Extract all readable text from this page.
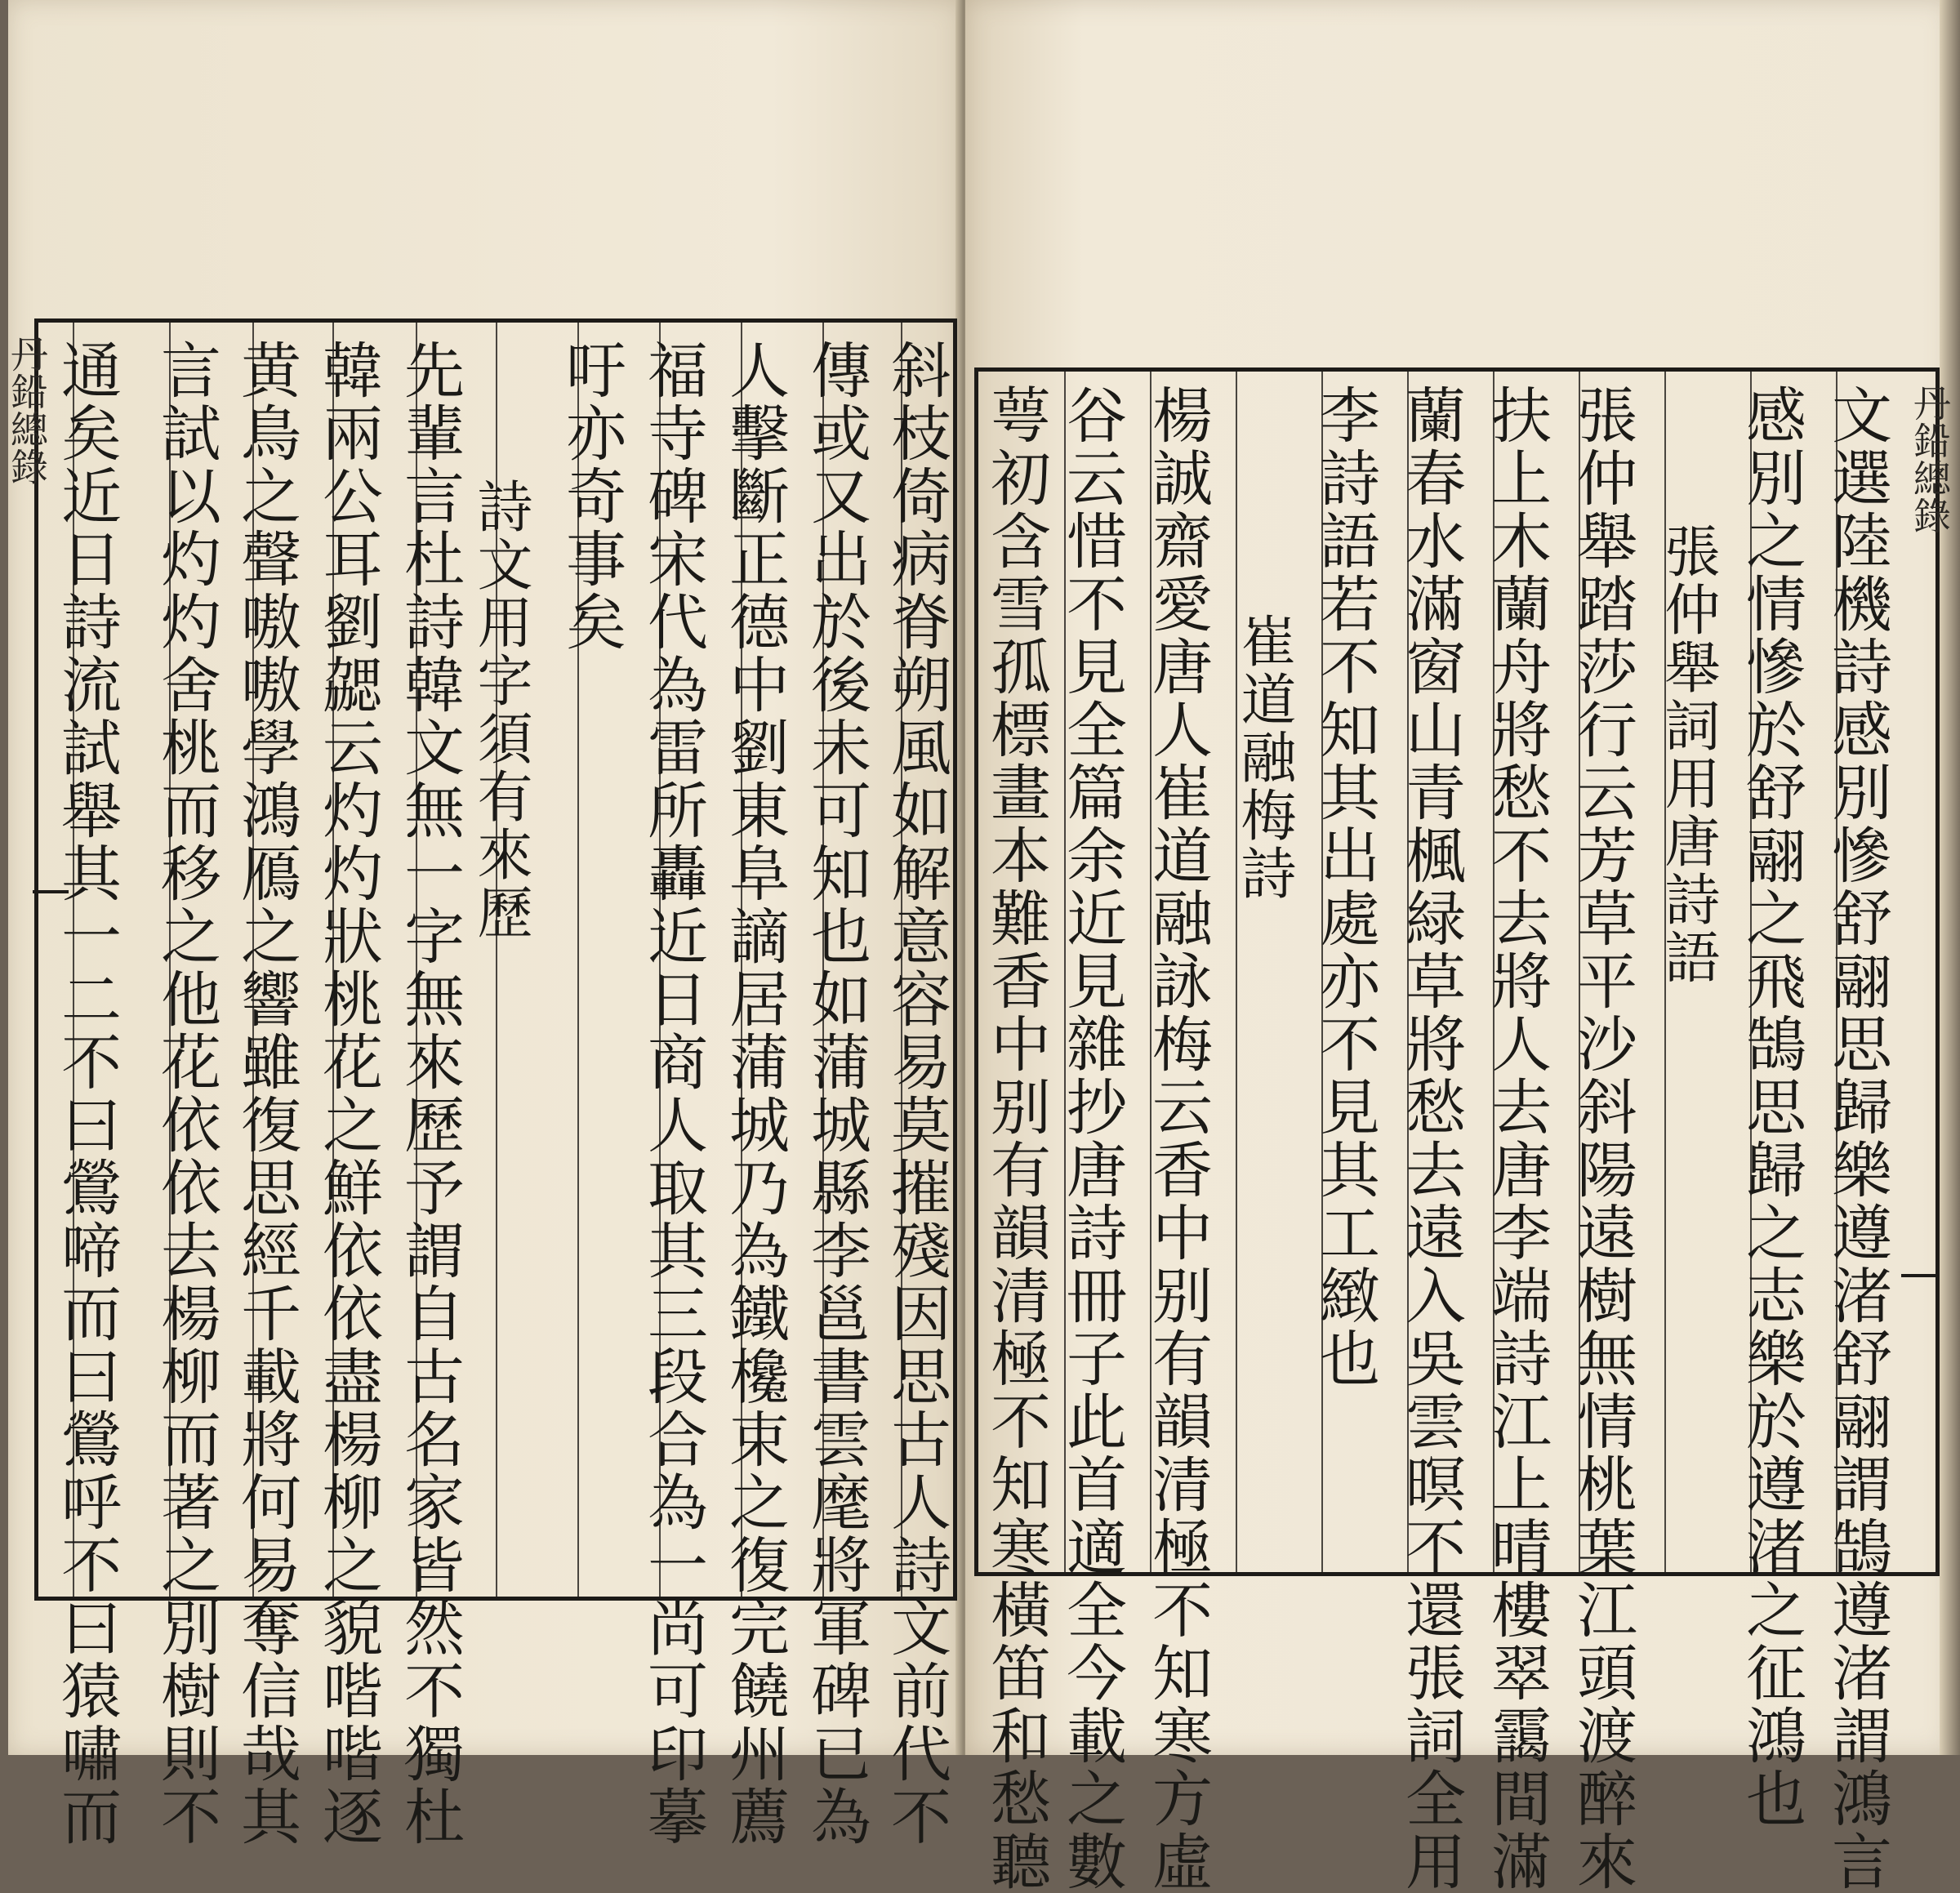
丹鉛總錄	斜枝倚病脊朔風如解意容易莫摧殘因思古人詩文前代不
傳或又出於後未可知也如蒲城縣李邕書雲麾將軍碑已為
人擊斷正德中劉東阜謫居蒲城乃為鐵欃束之復完饒州薦
福寺碑宋代為雷所轟近日商人取其三段合為一尚可印摹
吁亦奇事矣
詩文用字須有來歷
先輩言杜詩韓文無一字無來歷予謂自古名家皆然不獨杜
韓兩公耳劉勰云灼灼狀桃花之鮮依依盡楊柳之貌喈喈逐
黄鳥之聲嗷嗷學鴻鴈之響雖復思經千載將何易奪信哉其
言試以灼灼舍桃而移之他花依依去楊柳而著之別樹則不
通矣近日詩流試舉其一二不曰鶯啼而曰鶯呼不曰猿嘯而	丹鉛總錄
文選陸機詩感別慘舒翮思歸樂遵渚舒翮謂鵠遵渚謂鴻言
感別之情慘於舒翮之飛鵠思歸之志樂於遵渚之征鴻也
張仲舉詞用唐詩語
張仲舉踏莎行云芳草平沙斜陽遠樹無情桃葉江頭渡醉來
扶上木蘭舟將愁不去將人去唐李端詩江上晴樓翠靄間滿
蘭春水滿窗山青楓緑草將愁去遠入吳雲暝不還張詞全用
李詩語若不知其出處亦不見其工緻也
崔道融梅詩
楊誠齋愛唐人崔道融詠梅云香中别有韻清極不知寒方虛
谷云惜不見全篇余近見雜抄唐詩冊子此首適全今載之數
萼初含雪孤標畫本難香中别有韻清極不知寒橫笛和愁聽
